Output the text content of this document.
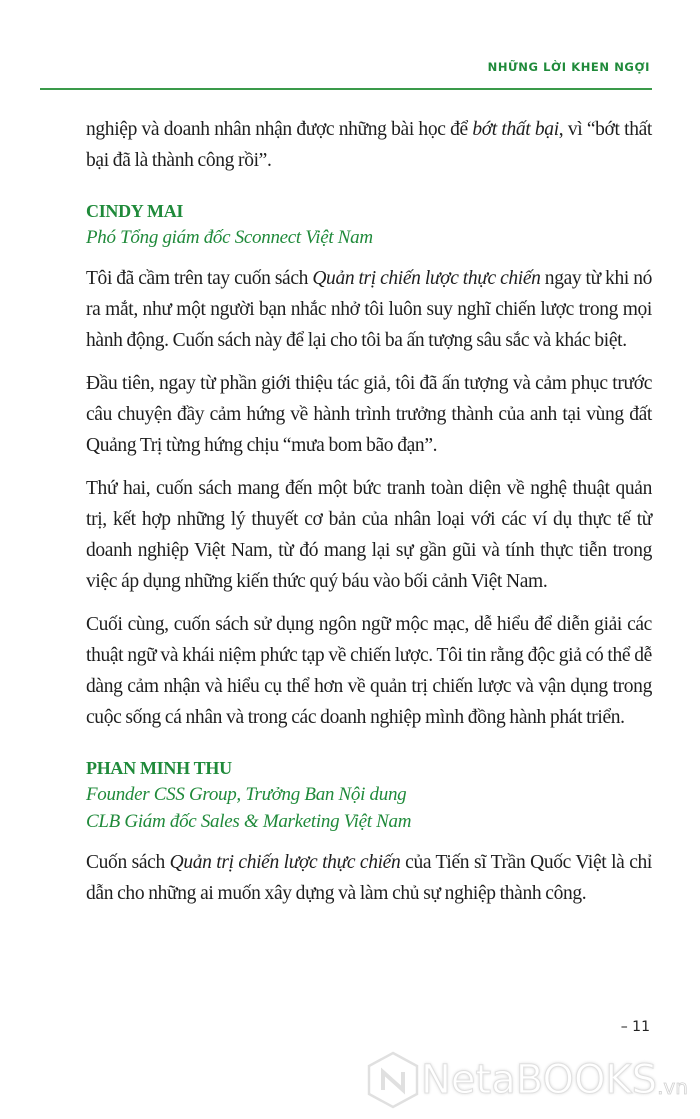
NHỮNG LỜI KHEN NGỢI

nghiệp và doanh nhân nhận được những bài học để bớt thất bại, vì “bớt thất bại đã là thành công rồi”.

CINDY MAI
Phó Tổng giám đốc Sconnect Việt Nam

Tôi đã cầm trên tay cuốn sách Quản trị chiến lược thực chiến ngay từ khi nó ra mắt, như một người bạn nhắc nhở tôi luôn suy nghĩ chiến lược trong mọi hành động. Cuốn sách này để lại cho tôi ba ấn tượng sâu sắc và khác biệt.

Đầu tiên, ngay từ phần giới thiệu tác giả, tôi đã ấn tượng và cảm phục trước câu chuyện đầy cảm hứng về hành trình trưởng thành của anh tại vùng đất Quảng Trị từng hứng chịu “mưa bom bão đạn”.

Thứ hai, cuốn sách mang đến một bức tranh toàn diện về nghệ thuật quản trị, kết hợp những lý thuyết cơ bản của nhân loại với các ví dụ thực tế từ doanh nghiệp Việt Nam, từ đó mang lại sự gần gũi và tính thực tiễn trong việc áp dụng những kiến thức quý báu vào bối cảnh Việt Nam.

Cuối cùng, cuốn sách sử dụng ngôn ngữ mộc mạc, dễ hiểu để diễn giải các thuật ngữ và khái niệm phức tạp về chiến lược. Tôi tin rằng độc giả có thể dễ dàng cảm nhận và hiểu cụ thể hơn về quản trị chiến lược và vận dụng trong cuộc sống cá nhân và trong các doanh nghiệp mình đồng hành phát triển.

PHAN MINH THU
Founder CSS Group, Trưởng Ban Nội dung
CLB Giám đốc Sales & Marketing Việt Nam

Cuốn sách Quản trị chiến lược thực chiến của Tiến sĩ Trần Quốc Việt là chỉ dẫn cho những ai muốn xây dựng và làm chủ sự nghiệp thành công.

– 11
NetaBOOKS .vn
